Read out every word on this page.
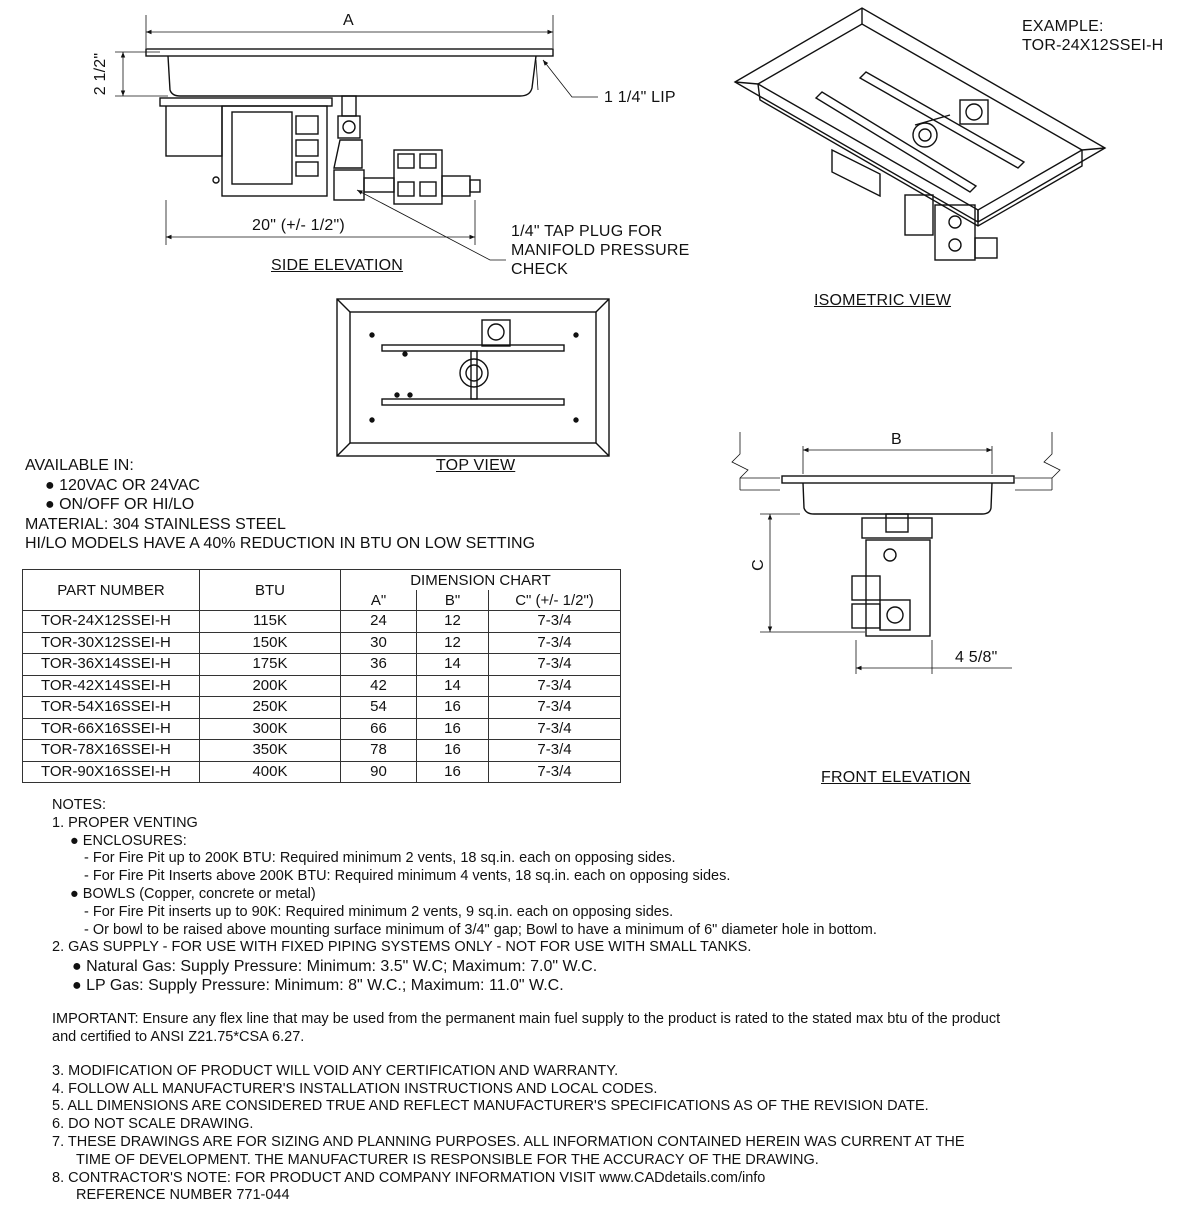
EXAMPLE:
TOR-24X12SSEI-H
A
2 1/2"
1 1/4" LIP
20" (+/- 1/2")	1/4" TAP PLUG FOR
MANIFOLD PRESSURE
CHECK
SIDE ELEVATION
ISOMETRIC VIEW
TOP VIEW
B
C
4 5/8"
FRONT ELEVATION
AVAILABLE IN:
● 120VAC OR 24VAC
● ON/OFF OR HI/LO
MATERIAL: 304 STAINLESS STEEL
HI/LO MODELS HAVE A 40% REDUCTION IN BTU ON LOW SETTING
PART NUMBER	BTU	DIMENSION CHART		
		A"	B"	C" (+/- 1/2")
TOR-24X12SSEI-H	115K	24	12	7-3/4
TOR-30X12SSEI-H	150K	30	12	7-3/4
TOR-36X14SSEI-H	175K	36	14	7-3/4
TOR-42X14SSEI-H	200K	42	14	7-3/4
TOR-54X16SSEI-H	250K	54	16	7-3/4
TOR-66X16SSEI-H	300K	66	16	7-3/4
TOR-78X16SSEI-H	350K	78	16	7-3/4
TOR-90X16SSEI-H	400K	90	16	7-3/4
NOTES:
1. PROPER VENTING
● ENCLOSURES:
- For Fire Pit up to 200K BTU: Required minimum 2 vents, 18 sq.in. each on opposing sides.
- For Fire Pit Inserts above 200K BTU: Required minimum 4 vents, 18 sq.in. each on opposing sides.
● BOWLS (Copper, concrete or metal)
- For Fire Pit inserts up to 90K: Required minimum 2 vents, 9 sq.in. each on opposing sides.
- Or bowl to be raised above mounting surface minimum of 3/4" gap; Bowl to have a minimum of 6" diameter hole in bottom.
2. GAS SUPPLY - FOR USE WITH FIXED PIPING SYSTEMS ONLY - NOT FOR USE WITH SMALL TANKS.
● Natural Gas: Supply Pressure: Minimum: 3.5" W.C; Maximum: 7.0" W.C.
● LP Gas: Supply Pressure: Minimum: 8" W.C.; Maximum: 11.0" W.C.
IMPORTANT: Ensure any flex line that may be used from the permanent main fuel supply to the product is rated to the stated max btu of the product
and certified to ANSI Z21.75*CSA 6.27.
3. MODIFICATION OF PRODUCT WILL VOID ANY CERTIFICATION AND WARRANTY.
4. FOLLOW ALL MANUFACTURER'S INSTALLATION INSTRUCTIONS AND LOCAL CODES.
5. ALL DIMENSIONS ARE CONSIDERED TRUE AND REFLECT MANUFACTURER'S SPECIFICATIONS AS OF THE REVISION DATE.
6. DO NOT SCALE DRAWING.
7. THESE DRAWINGS ARE FOR SIZING AND PLANNING PURPOSES. ALL INFORMATION CONTAINED HEREIN WAS CURRENT AT THE
TIME OF DEVELOPMENT. THE MANUFACTURER IS RESPONSIBLE FOR THE ACCURACY OF THE DRAWING.
8. CONTRACTOR'S NOTE: FOR PRODUCT AND COMPANY INFORMATION VISIT www.CADdetails.com/info
REFERENCE NUMBER 771-044
